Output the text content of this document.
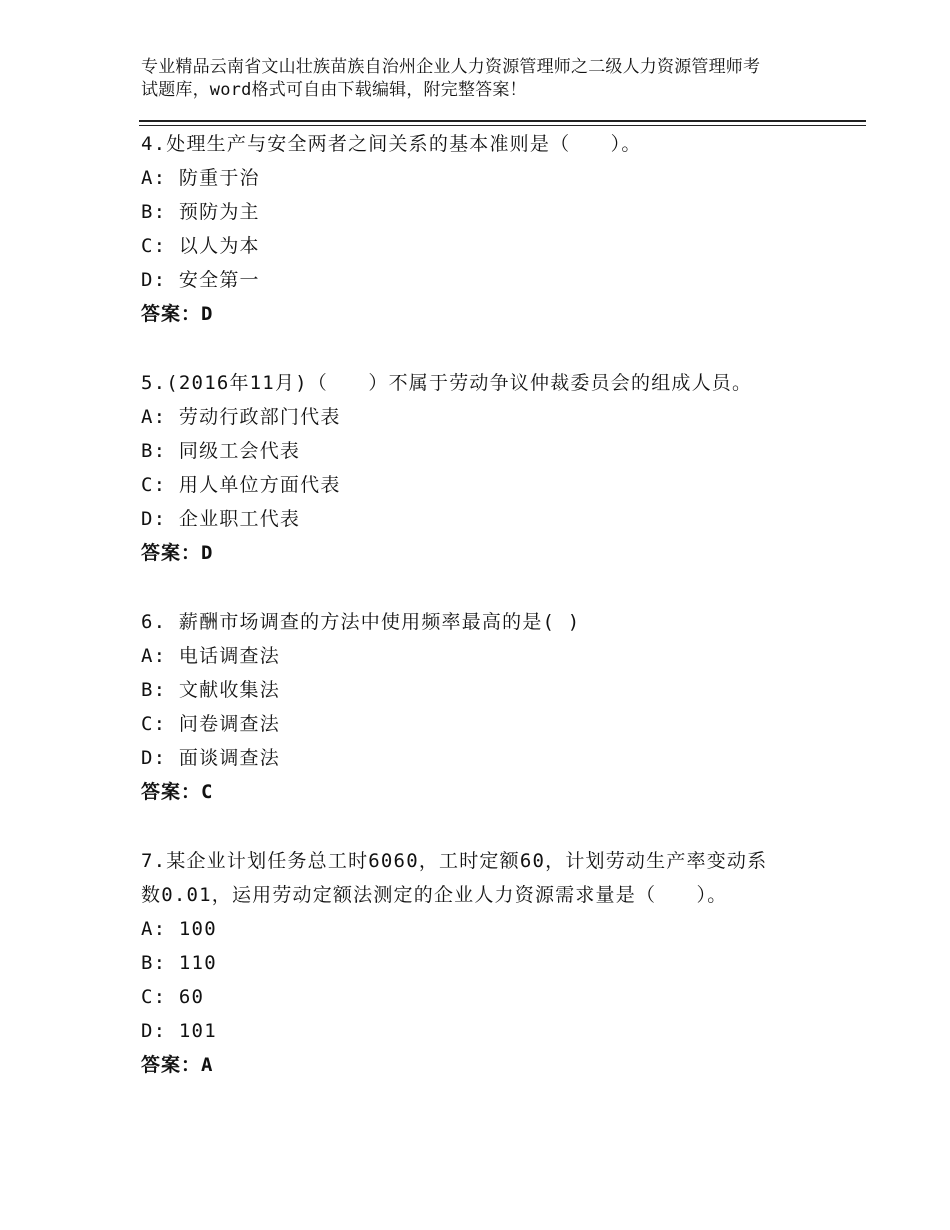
专业精品云南省文山壮族苗族自治州企业人力资源管理师之二级人力资源管理师考
试题库，word格式可自由下载编辑，附完整答案！
4.处理生产与安全两者之间关系的基本准则是（　　）。
A: 防重于治
B: 预防为主
C: 以人为本
D: 安全第一
答案：D
5.(2016年11月)（　　）不属于劳动争议仲裁委员会的组成人员。
A: 劳动行政部门代表
B: 同级工会代表
C: 用人单位方面代表
D: 企业职工代表
答案：D
6. 薪酬市场调查的方法中使用频率最高的是( )
A: 电话调查法
B: 文献收集法
C: 问卷调查法
D: 面谈调查法
答案：C
7.某企业计划任务总工时6060，工时定额60，计划劳动生产率变动系
数0.01，运用劳动定额法测定的企业人力资源需求量是（　　）。
A: 100
B: 110
C: 60
D: 101
答案：A
